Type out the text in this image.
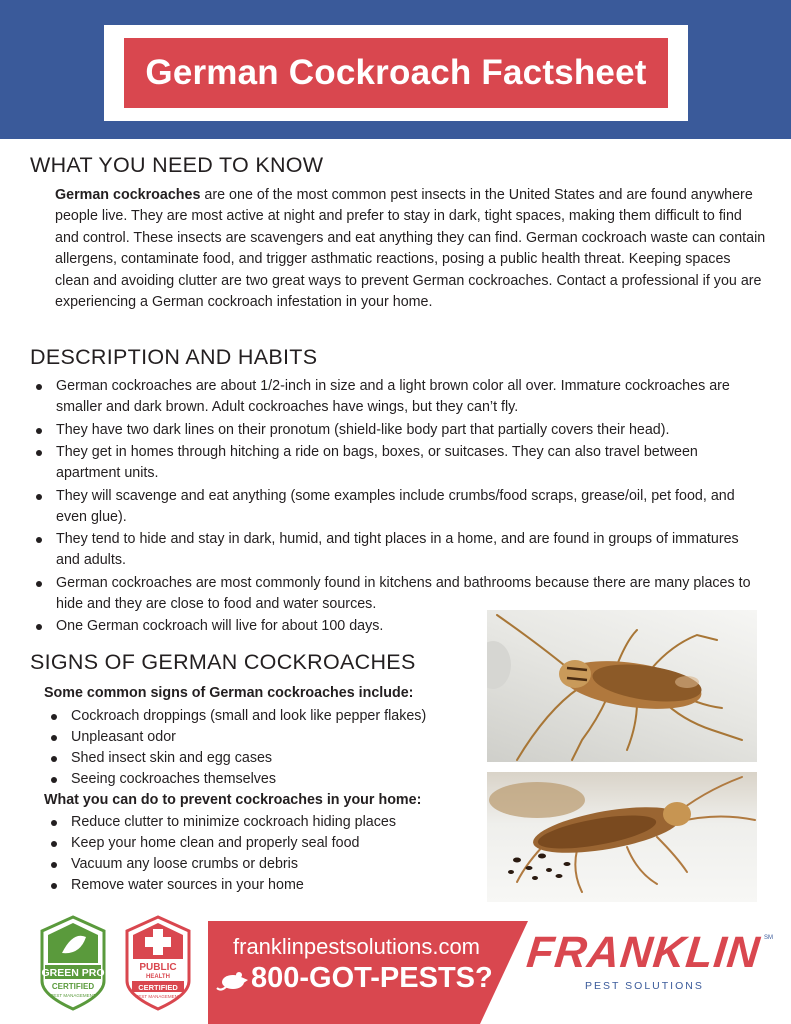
German Cockroach Factsheet
WHAT YOU NEED TO KNOW

German cockroaches are one of the most common pest insects in the United States and are found anywhere people live. They are most active at night and prefer to stay in dark, tight spaces, making them difficult to find and control. These insects are scavengers and eat anything they can find. German cockroach waste can contain allergens, contaminate food, and trigger asthmatic reactions, posing a public health threat. Keeping spaces clean and avoiding clutter are two great ways to prevent German cockroaches. Contact a professional if you are experiencing a German cockroach infestation in your home.

DESCRIPTION AND HABITS
German cockroaches are about 1/2-inch in size and a light brown color all over. Immature cockroaches are smaller and dark brown. Adult cockroaches have wings, but they can’t fly.
They have two dark lines on their pronotum (shield-like body part that partially covers their head).
They get in homes through hitching a ride on bags, boxes, or suitcases. They can also travel between apartment units.
They will scavenge and eat anything (some examples include crumbs/food scraps, grease/oil, pet food, and even glue).
They tend to hide and stay in dark, humid, and tight places in a home, and are found in groups of immatures and adults.
German cockroaches are most commonly found in kitchens and bathrooms because there are many places to hide and they are close to food and water sources.
One German cockroach will live for about 100 days.
SIGNS OF GERMAN COCKROACHES
Some common signs of German cockroaches include:
Cockroach droppings (small and look like pepper flakes)
Unpleasant odor
Shed insect skin and egg cases
Seeing cockroaches themselves
What you can do to prevent cockroaches in your home:
Reduce clutter to minimize cockroach hiding places
Keep your home clean and properly seal food
Vacuum any loose crumbs or debris
Remove water sources in your home
GREEN PRO
CERTIFIED
PEST MANAGEMENT
PUBLIC
HEALTH
CERTIFIED
PEST MANAGEMENT
franklinpestsolutions.com
800-GOT-PESTS?
FRANKLIN SM
PEST SOLUTIONS
